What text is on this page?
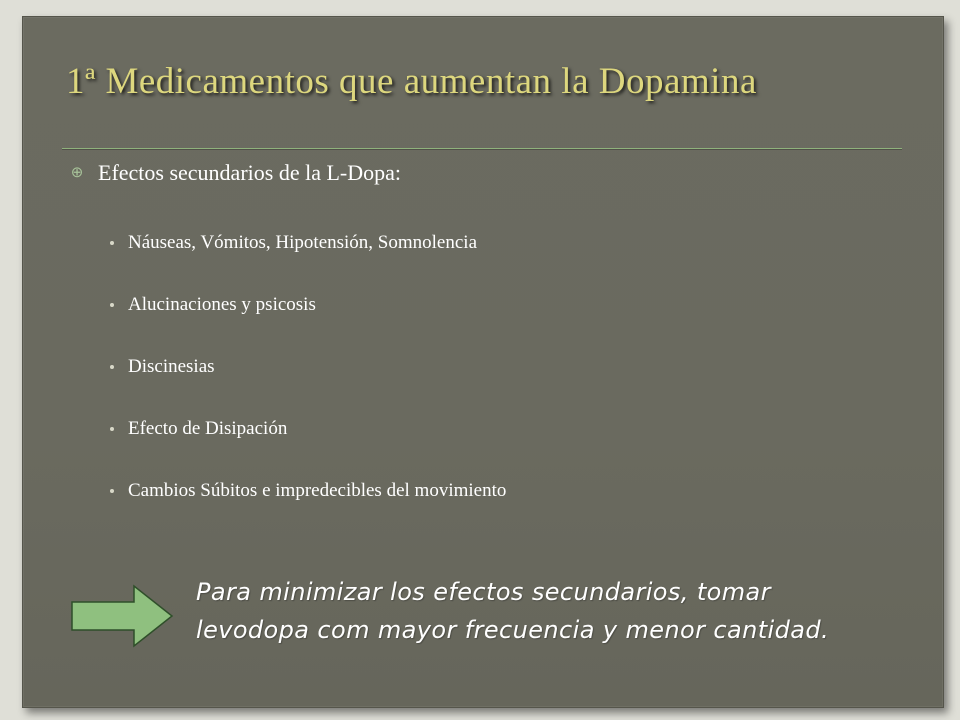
1ª Medicamentos que aumentan la Dopamina
⊕ Efectos secundarios de la L-Dopa:
Náuseas, Vómitos, Hipotensión, Somnolencia
Alucinaciones y psicosis
Discinesias
Efecto de Disipación
Cambios Súbitos e impredecibles del movimiento
Para minimizar los efectos secundarios, tomar
levodopa com mayor frecuencia y menor cantidad.
